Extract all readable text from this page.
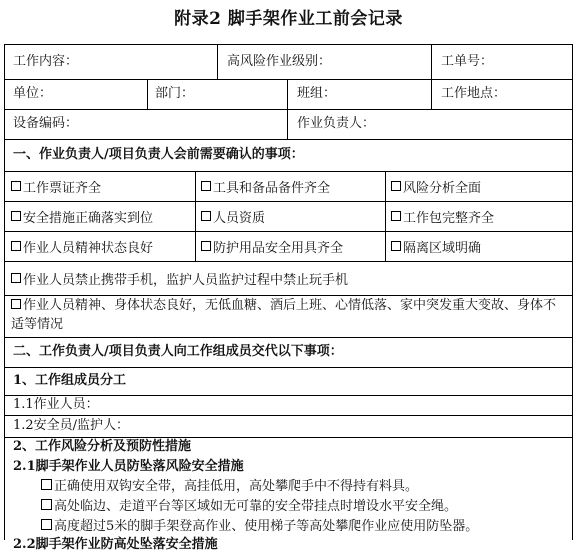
附录2 脚手架作业工前会记录
工作内容：	高风险作业级别：	工单号：
单位：	部门：	班组：	工作地点：
设备编码：	作业负责人：
一、作业负责人/项目负责人会前需要确认的事项：
工作票证齐全	工具和备品备件齐全	风险分析全面
安全措施正确落实到位	人员资质	工作包完整齐全
作业人员精神状态良好	防护用品安全用具齐全	隔离区域明确
作业人员禁止携带手机，监护人员监护过程中禁止玩手机
作业人员精神、身体状态良好，无低血糖、酒后上班、心情低落、家中突发重大变故、身体不适等情况
二、工作负责人/项目负责人向工作组成员交代以下事项：
1、工作组成员分工
1.1作业人员：
1.2安全员/监护人：
2、工作风险分析及预防性措施
2.1脚手架作业人员防坠落风险安全措施
正确使用双钩安全带，高挂低用，高处攀爬手中不得持有料具。
高处临边、走道平台等区域如无可靠的安全带挂点时增设水平安全绳。
高度超过5米的脚手架登高作业、使用梯子等高处攀爬作业应使用防坠器。
2.2脚手架作业防高处坠落安全措施
